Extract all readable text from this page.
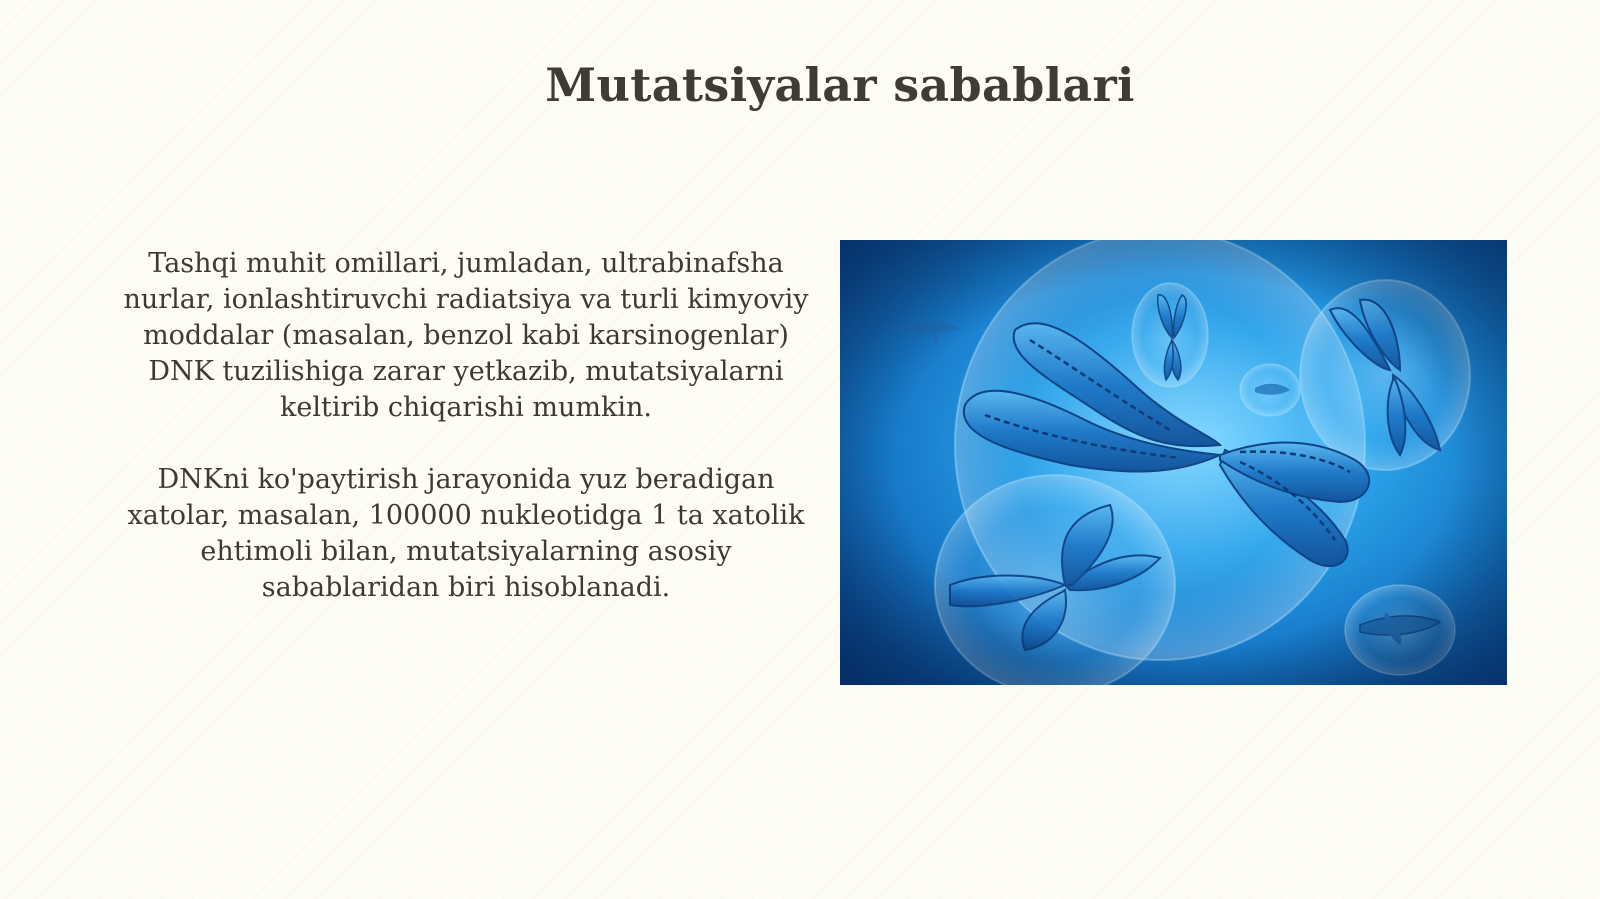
Mutatsiyalar sabablari

Tashqi muhit omillari, jumladan, ultrabinafsha nurlar, ionlashtiruvchi radiatsiya va turli kimyoviy moddalar (masalan, benzol kabi karsinogenlar) DNK tuzilishiga zarar yetkazib, mutatsiyalarni keltirib chiqarishi mumkin.

DNKni ko'paytirish jarayonida yuz beradigan xatolar, masalan, 100000 nukleotidga 1 ta xatolik ehtimoli bilan, mutatsiyalarning asosiy sabablaridan biri hisoblanadi.
